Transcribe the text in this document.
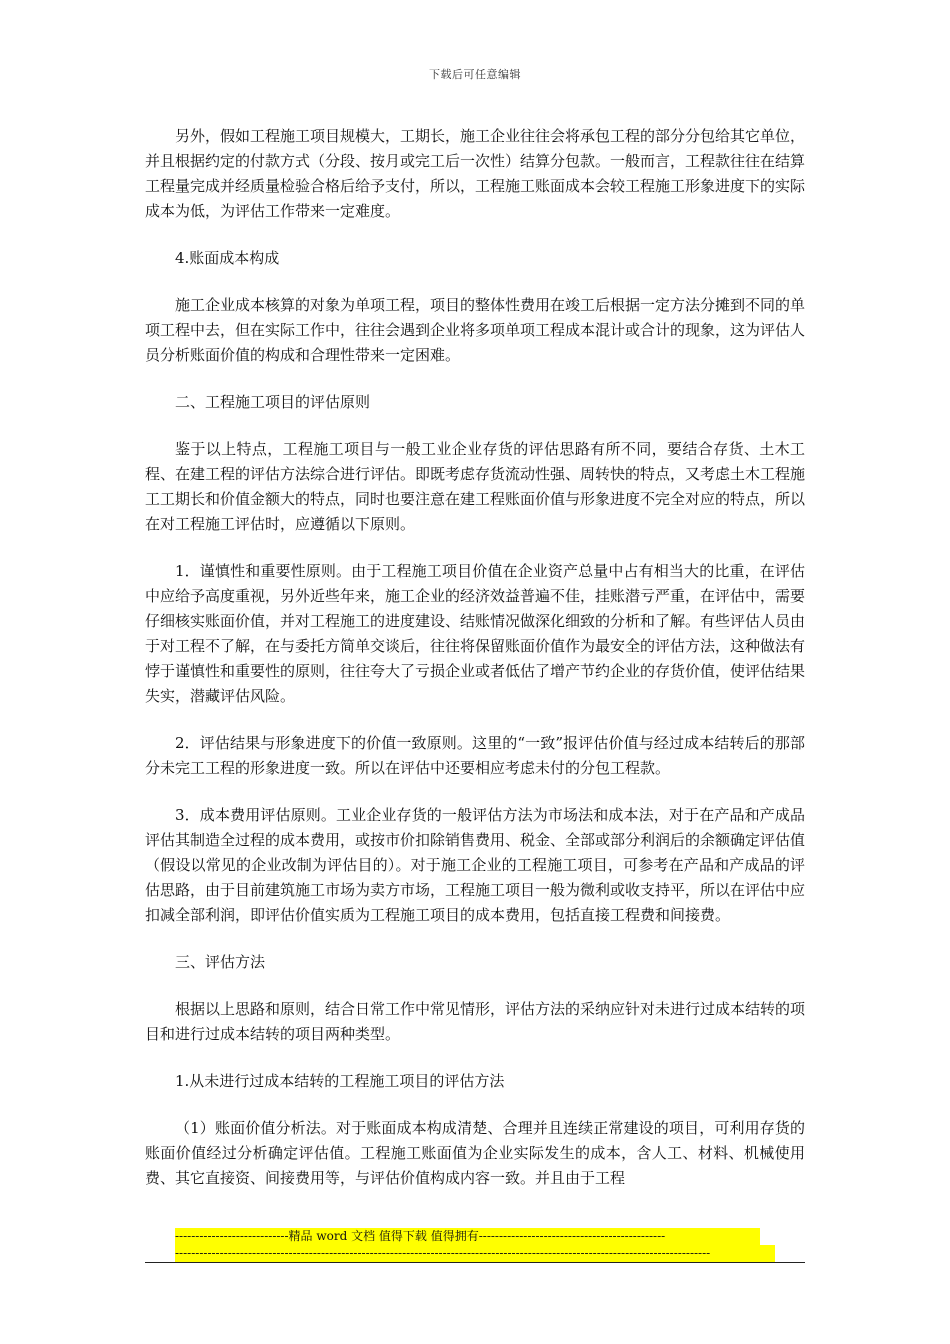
下载后可任意编辑

另外，假如工程施工项目规模大，工期长，施工企业往往会将承包工程的部分分包给其它单位，并且根据约定的付款方式（分段、按月或完工后一次性）结算分包款。一般而言，工程款往往在结算工程量完成并经质量检验合格后给予支付，所以，工程施工账面成本会较工程施工形象进度下的实际成本为低，为评估工作带来一定难度。

4.账面成本构成

施工企业成本核算的对象为单项工程，项目的整体性费用在竣工后根据一定方法分摊到不同的单项工程中去，但在实际工作中，往往会遇到企业将多项单项工程成本混计或合计的现象，这为评估人员分析账面价值的构成和合理性带来一定困难。

二、工程施工项目的评估原则

鉴于以上特点，工程施工项目与一般工业企业存货的评估思路有所不同，要结合存货、土木工程、在建工程的评估方法综合进行评估。即既考虑存货流动性强、周转快的特点，又考虑土木工程施工工期长和价值金额大的特点，同时也要注意在建工程账面价值与形象进度不完全对应的特点，所以在对工程施工评估时，应遵循以下原则。

1．谨慎性和重要性原则。由于工程施工项目价值在企业资产总量中占有相当大的比重，在评估中应给予高度重视，另外近些年来，施工企业的经济效益普遍不佳，挂账潜亏严重，在评估中，需要仔细核实账面价值，并对工程施工的进度建设、结账情况做深化细致的分析和了解。有些评估人员由于对工程不了解，在与委托方简单交谈后，往往将保留账面价值作为最安全的评估方法，这种做法有悖于谨慎性和重要性的原则，往往夸大了亏损企业或者低估了增产节约企业的存货价值，使评估结果失实，潜藏评估风险。

2．评估结果与形象进度下的价值一致原则。这里的“一致”报评估价值与经过成本结转后的那部分未完工工程的形象进度一致。所以在评估中还要相应考虑未付的分包工程款。

3．成本费用评估原则。工业企业存货的一般评估方法为市场法和成本法，对于在产品和产成品评估其制造全过程的成本费用，或按市价扣除销售费用、税金、全部或部分利润后的余额确定评估值（假设以常见的企业改制为评估目的）。对于施工企业的工程施工项目，可参考在产品和产成品的评估思路，由于目前建筑施工市场为卖方市场，工程施工项目一般为微利或收支持平，所以在评估中应扣减全部利润，即评估价值实质为工程施工项目的成本费用，包括直接工程费和间接费。

三、评估方法

根据以上思路和原则，结合日常工作中常见情形，评估方法的采纳应针对未进行过成本结转的项目和进行过成本结转的项目两种类型。

1.从未进行过成本结转的工程施工项目的评估方法

（1）账面价值分析法。对于账面成本构成清楚、合理并且连续正常建设的项目，可利用存货的账面价值经过分析确定评估值。工程施工账面值为企业实际发生的成本，含人工、材料、机械使用费、其它直接资、间接费用等，与评估价值构成内容一致。并且由于工程

----------------------------精品 word 文档 值得下载 值得拥有----------------------------------------------
------------------------------------------------------------------------------------------------------------------------------------
